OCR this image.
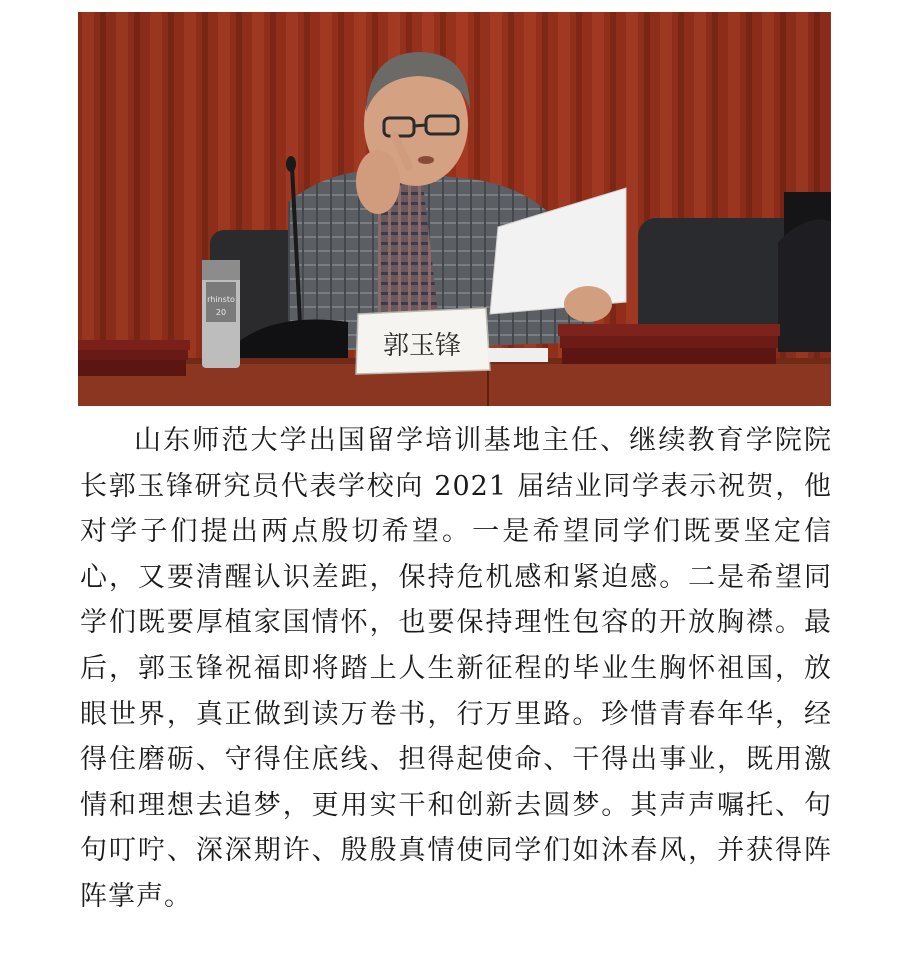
rhinsto
20
郭玉锋

山东师范大学出国留学培训基地主任、继续教育学院院长郭玉锋研究员代表学校向 2021 届结业同学表示祝贺，他对学子们提出两点殷切希望。一是希望同学们既要坚定信心，又要清醒认识差距，保持危机感和紧迫感。二是希望同学们既要厚植家国情怀，也要保持理性包容的开放胸襟。最后，郭玉锋祝福即将踏上人生新征程的毕业生胸怀祖国，放眼世界，真正做到读万卷书，行万里路。珍惜青春年华，经得住磨砺、守得住底线、担得起使命、干得出事业，既用激情和理想去追梦，更用实干和创新去圆梦。其声声嘱托、句句叮咛、深深期许、殷殷真情使同学们如沐春风，并获得阵阵掌声。
